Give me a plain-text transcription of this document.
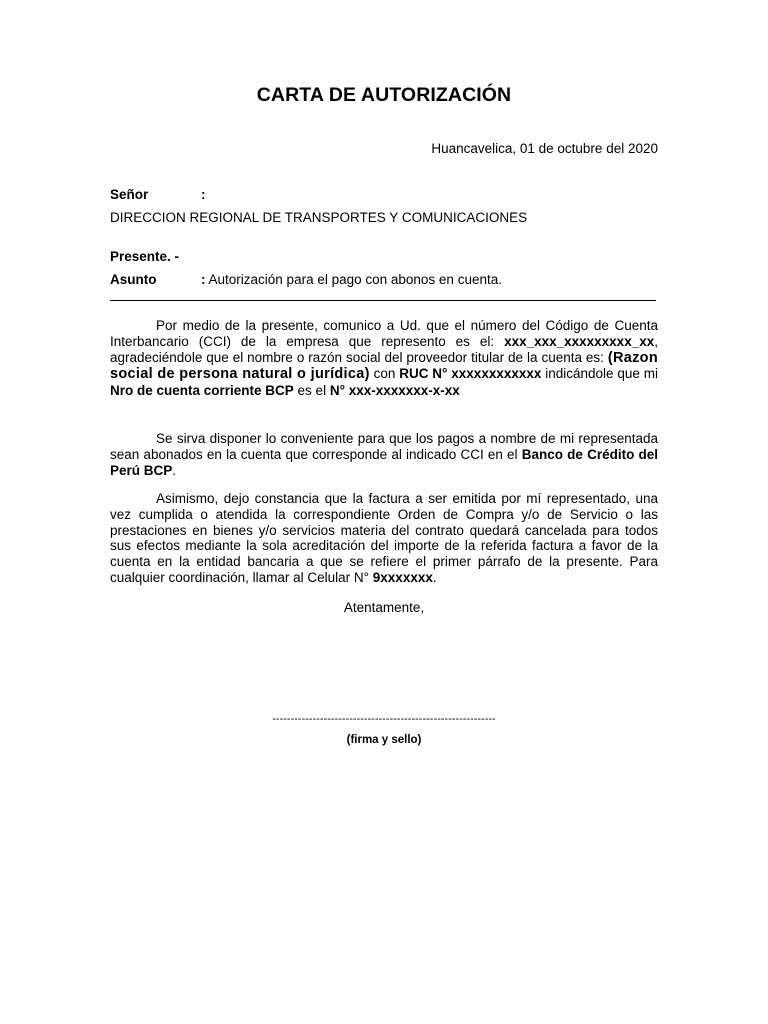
CARTA DE AUTORIZACIÓN
Huancavelica, 01 de octubre del 2020
Señor	:
DIRECCION REGIONAL DE TRANSPORTES Y COMUNICACIONES
Presente. -
Asunto	: Autorización para el pago con abonos en cuenta.

Por medio de la presente, comunico a Ud. que el número del Código de Cuenta Interbancario (CCI) de la empresa que represento es el: xxx_xxx_xxxxxxxxx_xx, agradeciéndole que el nombre o razón social del proveedor titular de la cuenta es: (Razon social de persona natural o jurídica) con RUC N° xxxxxxxxxxxx indicándole que mi Nro de cuenta corriente BCP es el N° xxx-xxxxxxx-x-xx

Se sirva disponer lo conveniente para que los pagos a nombre de mi representada sean abonados en la cuenta que corresponde al indicado CCI en el Banco de Crédito del Perú BCP.

Asimismo, dejo constancia que la factura a ser emitida por mí representado, una vez cumplida o atendida la correspondiente Orden de Compra y/o de Servicio o las prestaciones en bienes y/o servicios materia del contrato quedará cancelada para todos sus efectos mediante la sola acreditación del importe de la referida factura a favor de la cuenta en la entidad bancaria a que se refiere el primer párrafo de la presente. Para cualquier coordinación, llamar al Celular N° 9xxxxxxx.

Atentamente,
-------------------------------------------------------------
(firma y sello)
